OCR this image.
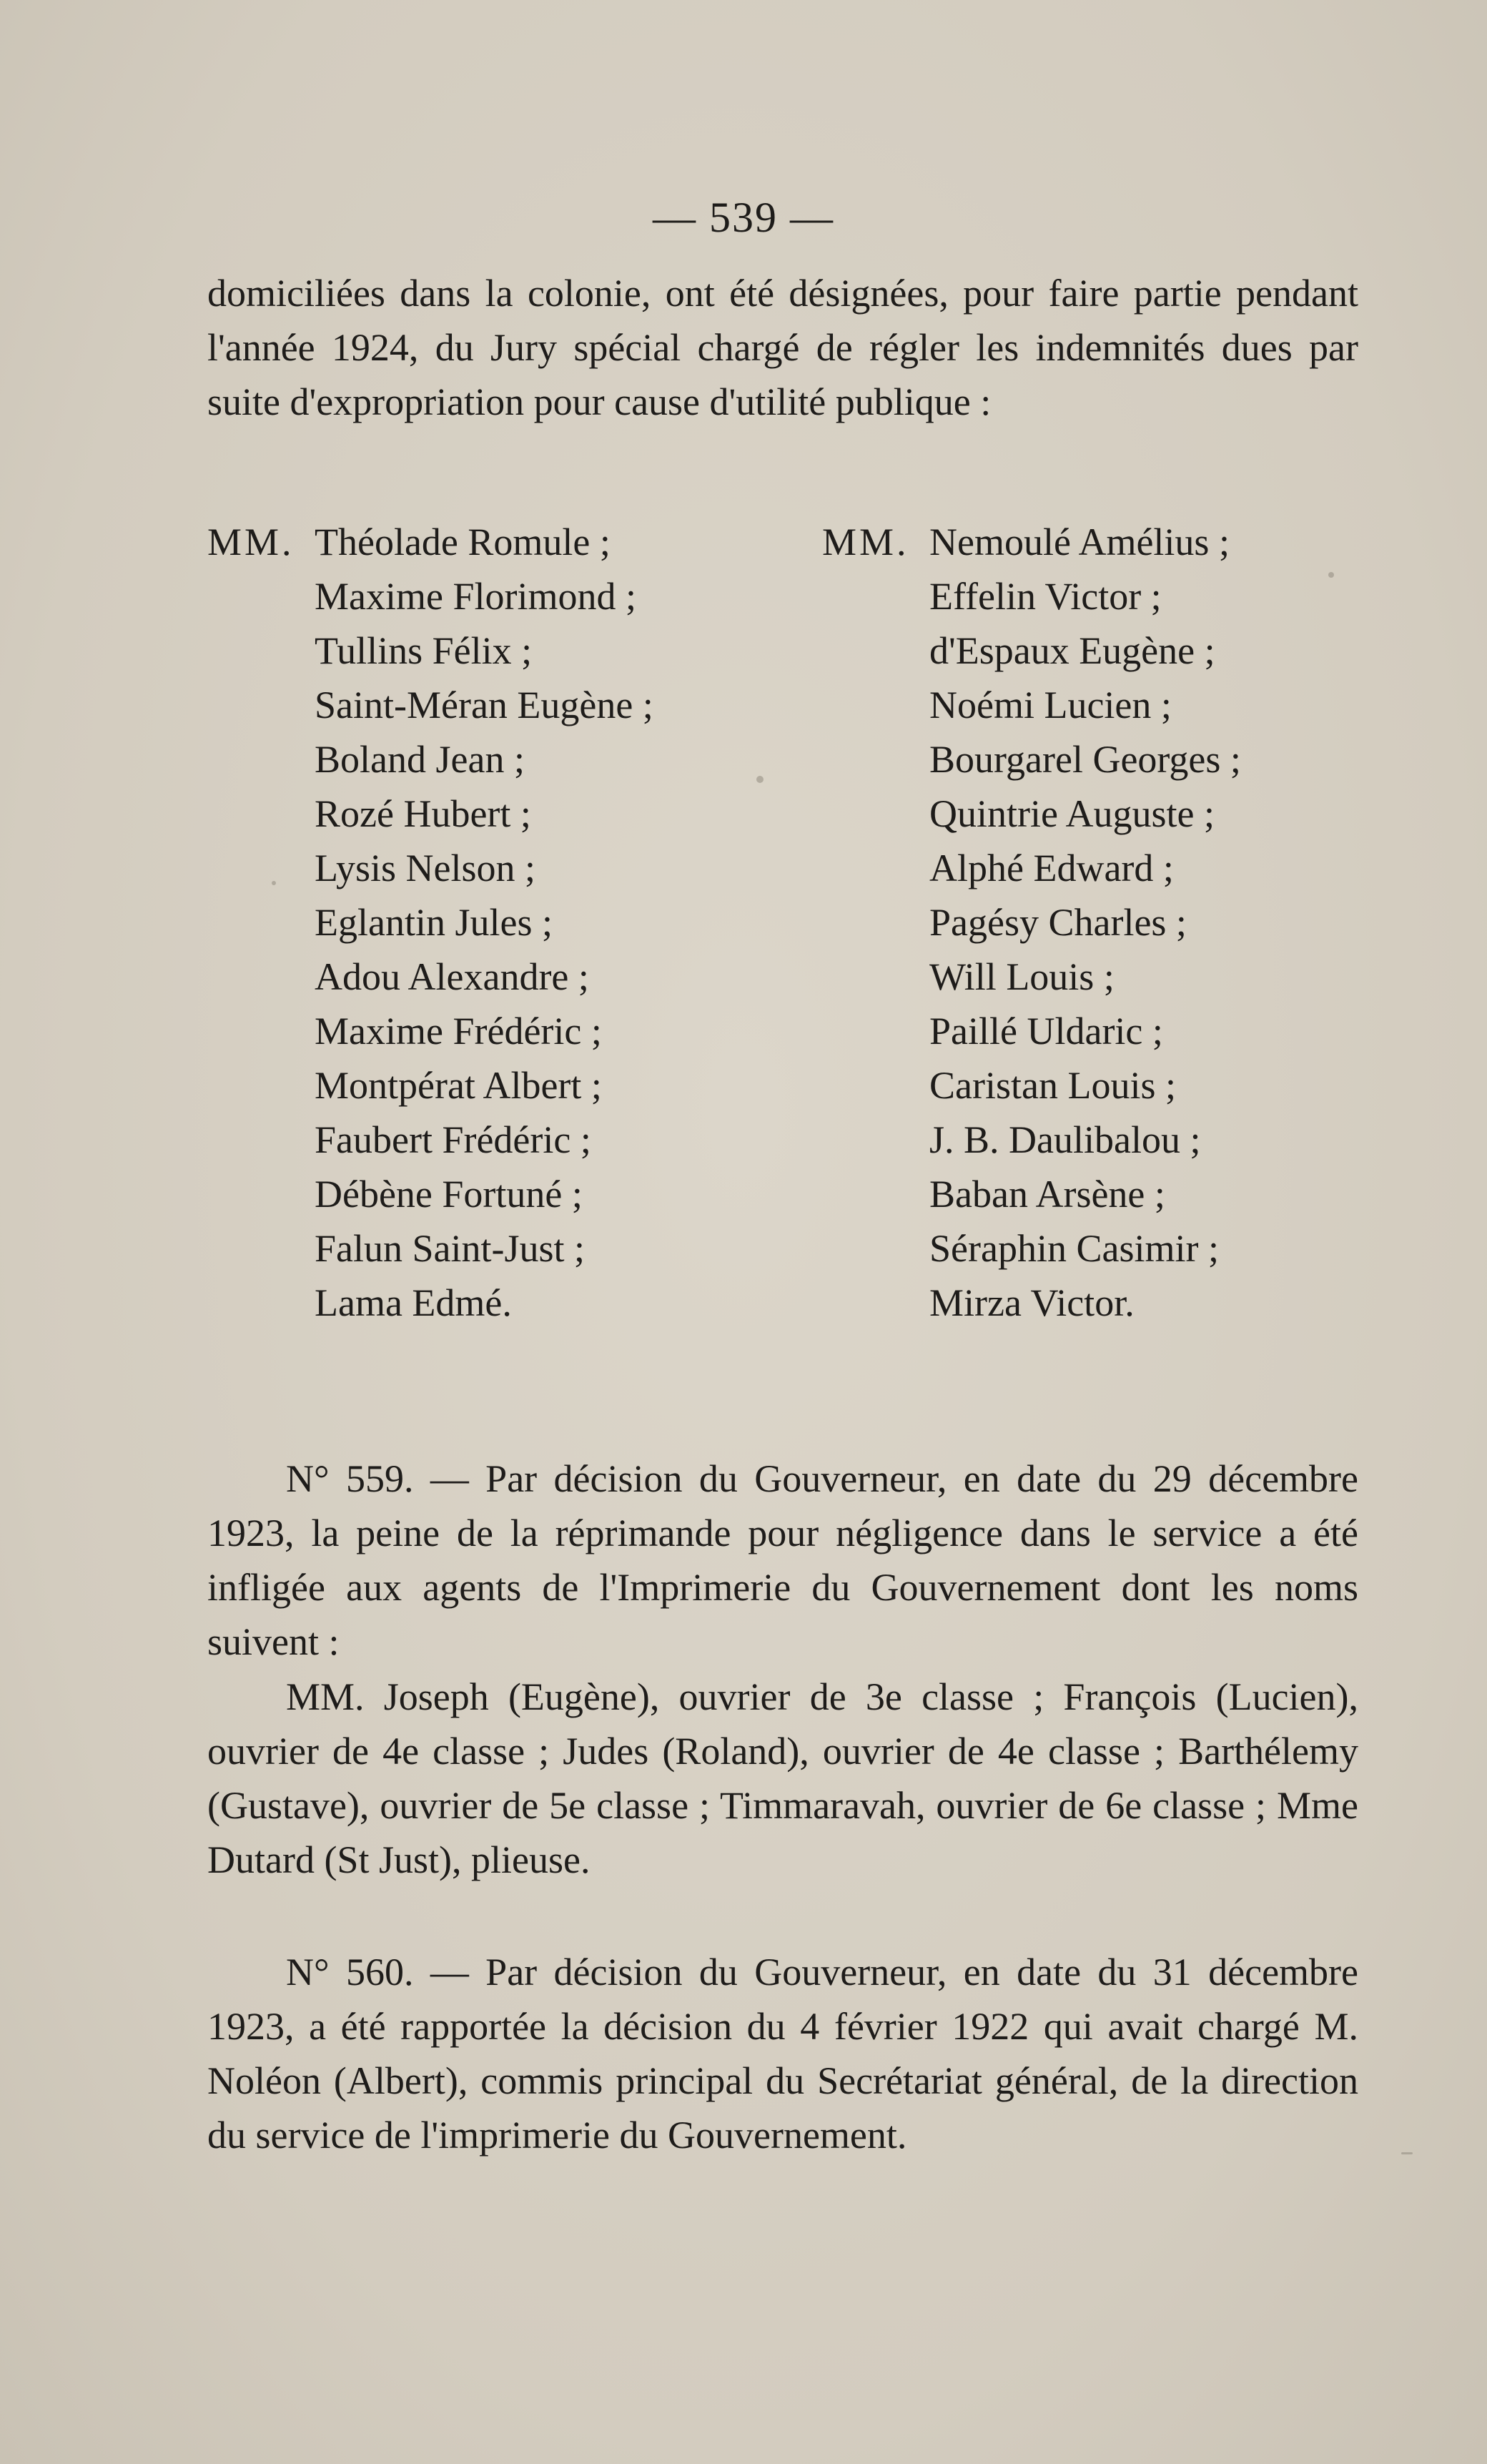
— 539 —

domiciliées dans la colonie, ont été désignées, pour faire partie pendant l'année 1924, du Jury spécial chargé de régler les indemnités dues par suite d'expropriation pour cause d'utilité publique :

MM. Théolade Romule ;
Maxime Florimond ;
Tullins Félix ;
Saint-Méran Eugène ;
Boland Jean ;
Rozé Hubert ;
Lysis Nelson ;
Eglantin Jules ;
Adou Alexandre ;
Maxime Frédéric ;
Montpérat Albert ;
Faubert Frédéric ;
Débène Fortuné ;
Falun Saint-Just ;
Lama Edmé.
MM. Nemoulé Amélius ;
Effelin Victor ;
d'Espaux Eugène ;
Noémi Lucien ;
Bourgarel Georges ;
Quintrie Auguste ;
Alphé Edward ;
Pagésy Charles ;
Will Louis ;
Paillé Uldaric ;
Caristan Louis ;
J. B. Daulibalou ;
Baban Arsène ;
Séraphin Casimir ;
Mirza Victor.

N° 559. — Par décision du Gouverneur, en date du 29 décembre 1923, la peine de la réprimande pour négligence dans le service a été infligée aux agents de l'Imprimerie du Gouvernement dont les noms suivent :

MM. Joseph (Eugène), ouvrier de 3e classe ; François (Lucien), ouvrier de 4e classe ; Judes (Roland), ouvrier de 4e classe ; Barthélemy (Gustave), ouvrier de 5e classe ; Timmaravah, ouvrier de 6e classe ; Mme Dutard (St Just), plieuse.

N° 560. — Par décision du Gouverneur, en date du 31 décembre 1923, a été rapportée la décision du 4 février 1922 qui avait chargé M. Noléon (Albert), commis principal du Secrétariat général, de la direction du service de l'imprimerie du Gouvernement.
